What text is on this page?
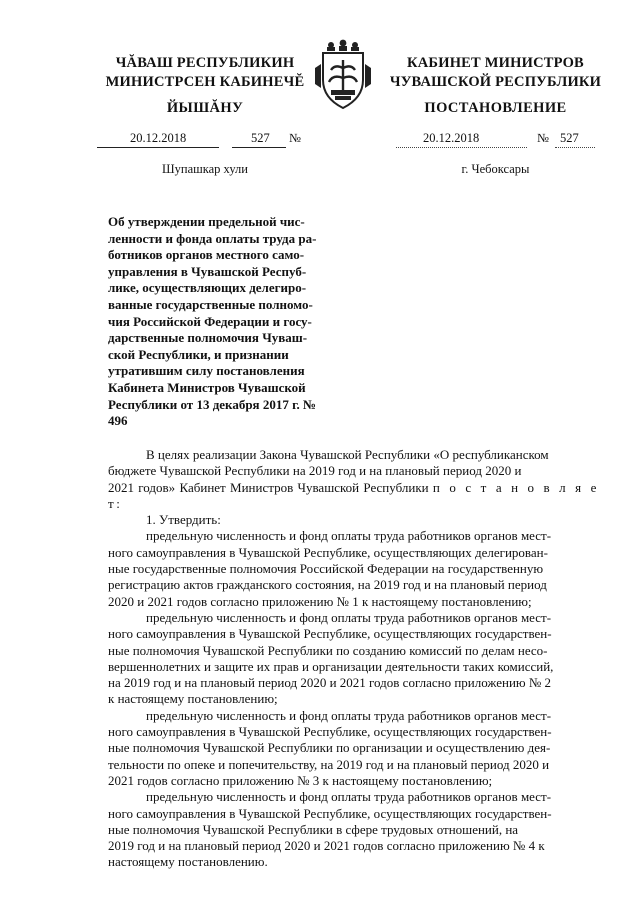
ЧĂВАШ РЕСПУБЛИКИН
МИНИСТРСЕН КАБИНЕЧĔ
ЙЫШĂНУ
КАБИНЕТ МИНИСТРОВ
ЧУВАШСКОЙ РЕСПУБЛИКИ
ПОСТАНОВЛЕНИЕ
20.12.2018	527 №	20.12.2018	№ 527
Шупашкар хули	г. Чебоксары
Об утверждении предельной чис-
ленности и фонда оплаты труда ра-
ботников органов местного само-
управления в Чувашской Респуб-
лике, осуществляющих делегиро-
ванные государственные полномо-
чия Российской Федерации и госу-
дарственные полномочия Чуваш-
ской Республики, и признании
утратившим силу постановления
Кабинета Министров Чувашской
Республики от 13 декабря 2017 г. №
496

В целях реализации Закона Чувашской Республики «О республиканском
бюджете Чувашской Республики на 2019 год и на плановый период 2020 и
2021 годов» Кабинет Министров Чувашской Республики п о с т а н о в л я е т:

1. Утвердить:

предельную численность и фонд оплаты труда работников органов мест-
ного самоуправления в Чувашской Республике, осуществляющих делегирован-
ные государственные полномочия Российской Федерации на государственную
регистрацию актов гражданского состояния, на 2019 год и на плановый период
2020 и 2021 годов согласно приложению № 1 к настоящему постановлению;

предельную численность и фонд оплаты труда работников органов мест-
ного самоуправления в Чувашской Республике, осуществляющих государствен-
ные полномочия Чувашской Республики по созданию комиссий по делам несо-
вершеннолетних и защите их прав и организации деятельности таких комиссий,
на 2019 год и на плановый период 2020 и 2021 годов согласно приложению № 2
к настоящему постановлению;

предельную численность и фонд оплаты труда работников органов мест-
ного самоуправления в Чувашской Республике, осуществляющих государствен-
ные полномочия Чувашской Республики по организации и осуществлению дея-
тельности по опеке и попечительству, на 2019 год и на плановый период 2020 и
2021 годов согласно приложению № 3 к настоящему постановлению;

предельную численность и фонд оплаты труда работников органов мест-
ного самоуправления в Чувашской Республике, осуществляющих государствен-
ные полномочия Чувашской Республики в сфере трудовых отношений, на
2019 год и на плановый период 2020 и 2021 годов согласно приложению № 4 к
настоящему постановлению.
